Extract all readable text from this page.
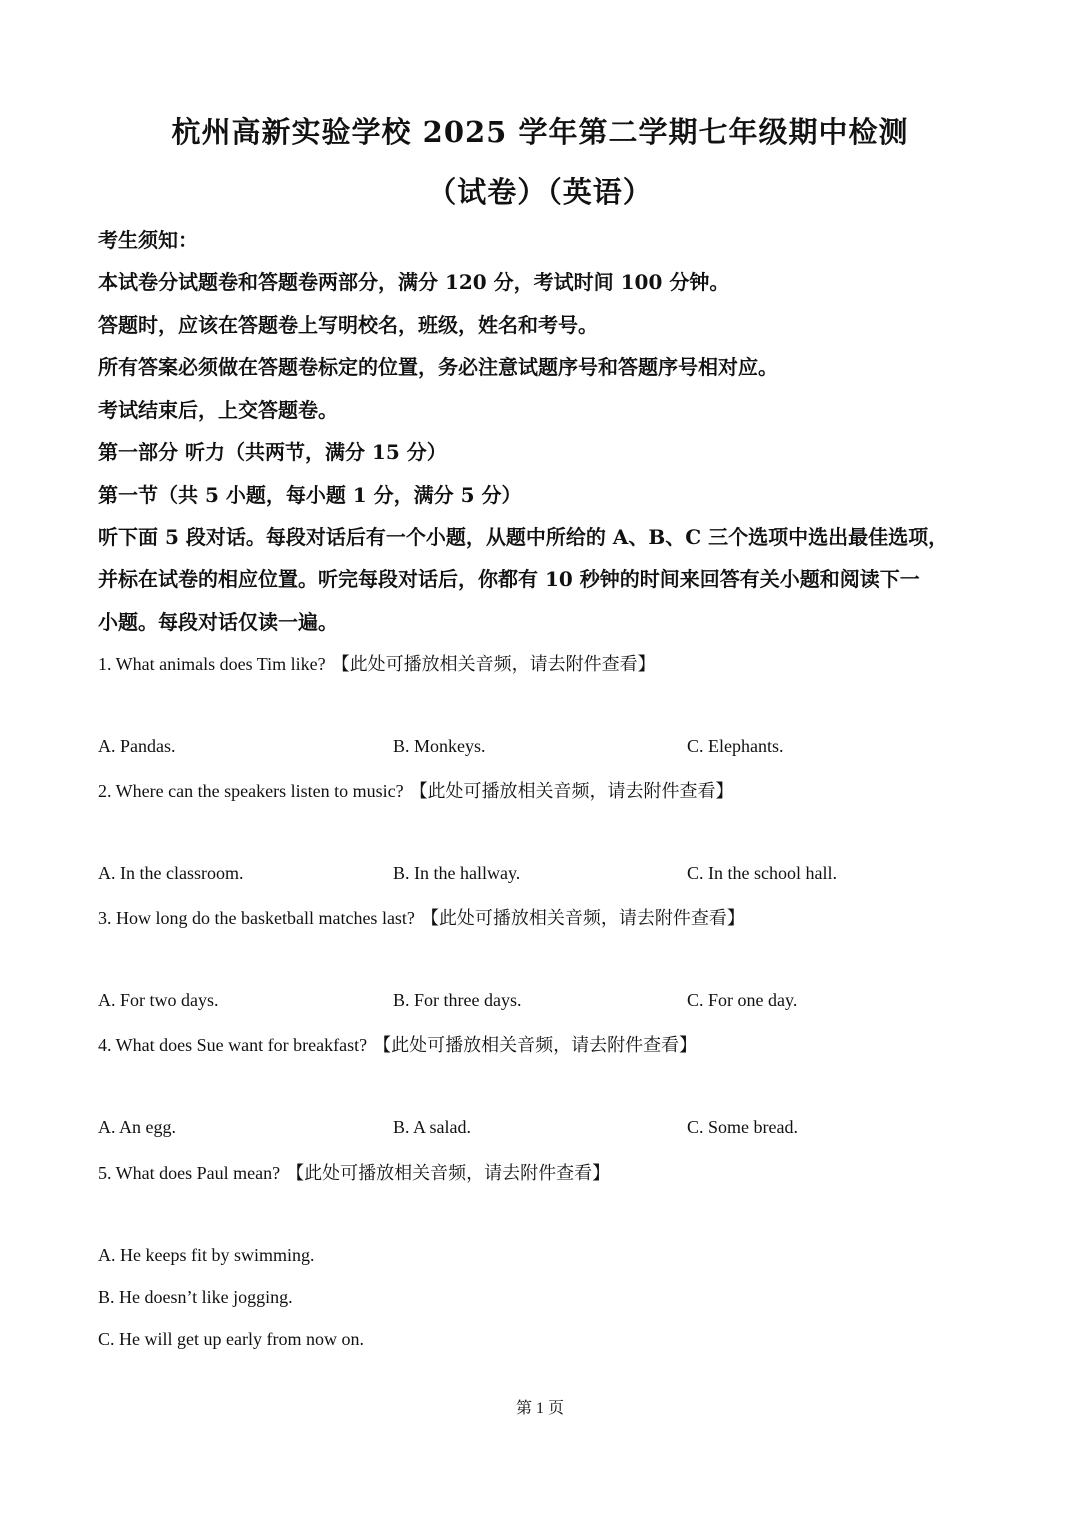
杭州高新实验学校 2025 学年第二学期七年级期中检测
（试卷）（英语）
考生须知：
本试卷分试题卷和答题卷两部分，满分 120 分，考试时间 100 分钟。
答题时，应该在答题卷上写明校名，班级，姓名和考号。
所有答案必须做在答题卷标定的位置，务必注意试题序号和答题序号相对应。
考试结束后，上交答题卷。
第一部分 听力（共两节，满分 15 分）
第一节（共 5 小题，每小题 1 分，满分 5 分）
听下面 5 段对话。每段对话后有一个小题，从题中所给的 A、B、C 三个选项中选出最佳选项，
并标在试卷的相应位置。听完每段对话后，你都有 10 秒钟的时间来回答有关小题和阅读下一
小题。每段对话仅读一遍。
1. What animals does Tim like? 【此处可播放相关音频，请去附件查看】
A. Pandas.	B. Monkeys.	C. Elephants.
2. Where can the speakers listen to music? 【此处可播放相关音频，请去附件查看】
A. In the classroom.	B. In the hallway.	C. In the school hall.
3. How long do the basketball matches last? 【此处可播放相关音频，请去附件查看】
A. For two days.	B. For three days.	C. For one day.
4. What does Sue want for breakfast? 【此处可播放相关音频，请去附件查看】
A. An egg.	B. A salad.	C. Some bread.
5. What does Paul mean? 【此处可播放相关音频，请去附件查看】
A. He keeps fit by swimming.
B. He doesn’t like jogging.
C. He will get up early from now on.
第 1 页
